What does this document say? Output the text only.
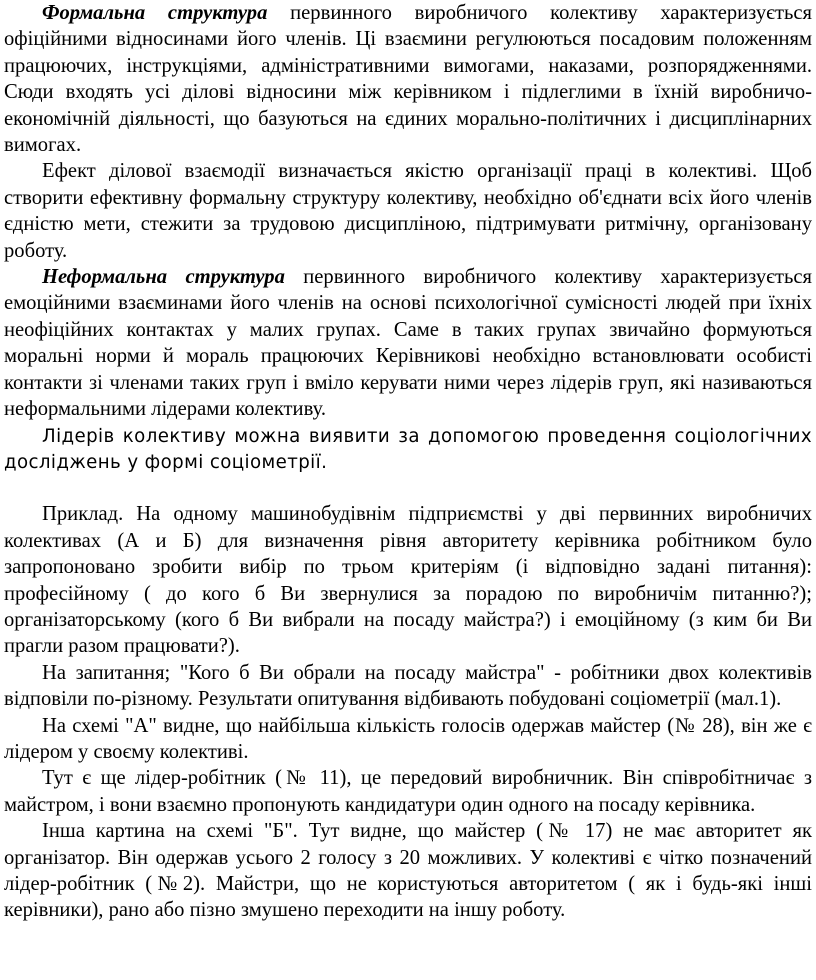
Формальна структура первинного виробничого колективу характеризується офіційними відносинами його членів. Ці взаємини регулюються посадовим положенням працюючих, інструкціями, адміністративними вимогами, наказами, розпорядженнями. Сюди входять усі ділові відносини між керівником і підлеглими в їхній виробничо-економічній діяльності, що базуються на єдиних морально-політичних і дисциплінарних вимогах.

Ефект ділової взаємодії визначається якістю організації праці в колективі. Щоб створити ефективну формальну структуру колективу, необхідно об'єднати всіх його членів єдністю мети, стежити за трудовою дисципліною, підтримувати ритмічну, організовану роботу.

Неформальна структура первинного виробничого колективу характеризується емоційними взаєминами його членів на основі психологічної сумісності людей при їхніх неофіційних контактах у малих групах. Саме в таких групах звичайно формуються моральні норми й мораль працюючих Керівникові необхідно встановлювати особисті контакти зі членами таких груп і вміло керувати ними через лідерів груп, які називаються неформальними лідерами колективу.

Лідерів колективу можна виявити за допомогою проведення соціологічних досліджень у формі соціометрії.

Приклад. На одному машинобудівнім підприємстві у дві первинних виробничих колективах (А и Б) для визначення рівня авторитету керівника робітником було запропоновано зробити вибір по трьом критеріям (і відповідно задані питання): професійному ( до кого б Ви звернулися за порадою по виробничім питанню?); організаторському (кого б Ви вибрали на посаду майстра?) і емоційному (з ким би Ви прагли разом працювати?).

На запитання; "Кого б Ви обрали на посаду майстра" - робітники двох колективів відповіли по-різному. Результати опитування відбивають побудовані соціометрії (мал.1).

На схемі "А" видне, що найбільша кількість голосів одержав майстер (№ 28), він же є лідером у своєму колективі.

Тут є ще лідер-робітник (№ 11), це передовий виробничник. Він співробітничає з майстром, і вони взаємно пропонують кандидатури один одного на посаду керівника.

Інша картина на схемі "Б". Тут видне, що майстер (№ 17) не має авторитет як організатор. Він одержав усього 2 голосу з 20 можливих. У колективі є чітко позначений лідер-робітник (№2). Майстри, що не користуються авторитетом ( як і будь-які інші керівники), рано або пізно змушено переходити на іншу роботу.
